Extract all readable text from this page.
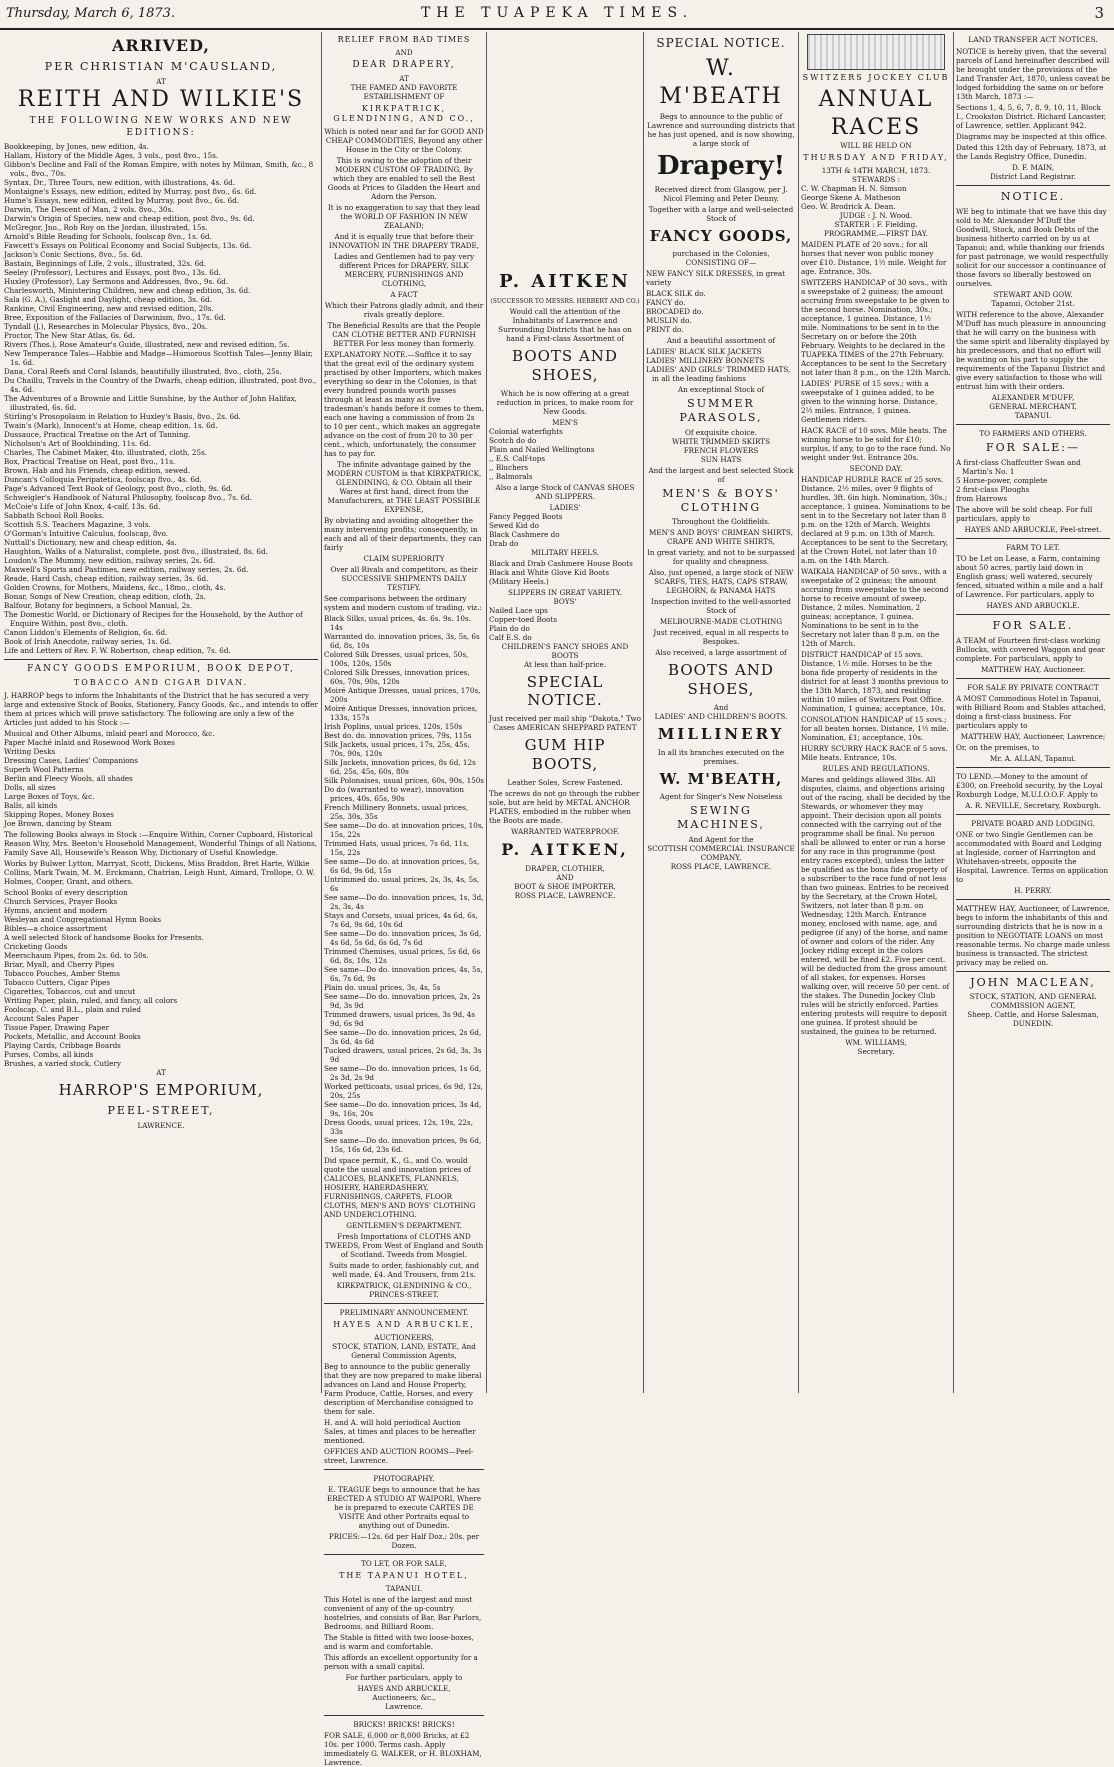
Thursday, March 6, 1873.	THE TUAPEKA TIMES.	3
ARRIVED,
PER CHRISTIAN M'CAUSLAND,
AT
REITH AND WILKIE'S
THE FOLLOWING NEW WORKS AND NEW EDITIONS:
Bookkeeping, by Jones, new edition, 4s.
Hallam, History of the Middle Ages, 3 vols., post 8vo., 15s.
Gibbon's Decline and Fall of the Roman Empire, with notes by Milman, Smith, &c., 8 vols., 8vo., 70s.
Syntax, Dr., Three Tours, new edition, with illustrations, 4s. 6d.
Montaigne's Essays, new edition, edited by Murray, post 8vo., 6s. 6d.
Hume's Essays, new edition, edited by Murray, post 8vo., 6s. 6d.
Darwin, The Descent of Man, 2 vols. 8vo., 30s.
Darwin's Origin of Species, new and cheap edition, post 8vo., 9s. 6d.
McGregor, Jno., Rob Roy on the Jordan, illustrated, 15s.
Arnold's Bible Reading for Schools, foolscap 8vo., 1s. 6d.
Fawcett's Essays on Political Economy and Social Subjects, 13s. 6d.
Jackson's Conic Sections, 8vo., 5s. 6d.
Bastain, Beginnings of Life, 2 vols., illustrated, 32s. 6d.
Seeley (Professor), Lectures and Essays, post 8vo., 13s. 6d.
Huxley (Professor), Lay Sermons and Addresses, 8vo., 9s. 6d.
Charlesworth, Ministering Children, new and cheap edition, 3s. 6d.
Sala (G. A.), Gaslight and Daylight, cheap edition, 3s. 6d.
Rankine, Civil Engineering, new and revised edition, 20s.
Bree, Exposition of the Fallacies of Darwinism, 8vo., 17s. 6d.
Tyndall (J.), Researches in Molecular Physics, 8vo., 20s.
Proctor, The New Star Atlas, 6s. 6d.
Rivers (Thos.), Rose Amateur's Guide, illustrated, new and revised edition, 5s.
New Temperance Tales—Habbie and Madge—Humorous Scottish Tales—Jenny Blair, 1s. 6d.
Dana, Coral Reefs and Coral Islands, beautifully illustrated, 8vo., cloth, 25s.
Du Chaillu, Travels in the Country of the Dwarfs, cheap edition, illustrated, post 8vo., 4s. 6d.
The Adventures of a Brownie and Little Sunshine, by the Author of John Halifax, illustrated, 6s. 6d.
Stirling's Prosopolasm in Relation to Huxley's Basis, 8vo., 2s. 6d.
Twain's (Mark), Innocent's at Home, cheap edition, 1s. 6d.
Dussauce, Practical Treatise on the Art of Tanning.
Nicholson's Art of Bookbinding, 11s. 6d.
Charles, The Cabinet Maker, 4to. illustrated, cloth, 25s.
Box, Practical Treatise on Heat, post 8vo., 11s.
Brown, Hab and his Friends, cheap edition, sewed.
Duncan's Colloquia Peripatetica, foolscap 8vo., 4s. 6d.
Page's Advanced Text Book of Geology, post 8vo., cloth, 9s. 6d.
Schweigler's Handbook of Natural Philosophy, foolscap 8vo., 7s. 6d.
McCoie's Life of John Knox, 4-calf, 13s. 6d.
Sabbath School Roll Books.
Scottish S.S. Teachers Magazine, 3 vols.
O'Gorman's Intuitive Calculus, foolscap, 8vo.
Nuttall's Dictionary, new and cheap edition, 4s.
Haughton, Walks of a Naturalist, complete, post 8vo., illustrated, 8s. 6d.
Loudon's The Mummy, new edition, railway series, 2s. 6d.
Maxwell's Sports and Pastimes, new edition, railway series, 2s. 6d.
Reade, Hard Cash, cheap edition, railway series, 3s. 6d.
Golden Crowns, for Mothers, Maidens, &c., 18mo., cloth, 4s.
Bonar, Songs of New Creation, cheap edition, cloth, 2s.
Balfour, Botany for beginners, a School Manual, 2s.
The Domestic World, or Dictionary of Recipes for the Household, by the Author of Enquire Within, post 8vo., cloth.
Canon Liddon's Elements of Religion, 6s. 6d.
Book of Irish Anecdote, railway series, 1s. 6d.
Life and Letters of Rev. F. W. Robertson, cheap edition, 7s. 6d.
FANCY GOODS EMPORIUM, BOOK DEPOT,
TOBACCO AND CIGAR DIVAN.

J. HARROP begs to inform the Inhabitants of the District that he has secured a very large and extensive Stock of Books, Stationery, Fancy Goods, &c., and intends to offer them at prices which will prove satisfactory. The following are only a few of the Articles just added to his Stock :—

Musical and Other Albums, inlaid pearl and Morocco, &c.
Paper Maché inlaid and Rosewood Work Boxes
Writing Desks
Dressing Cases, Ladies' Companions
Superb Wool Patterns
Berlin and Fleecy Wools, all shades
Dolls, all sizes
Large Boxes of Toys, &c.
Balls, all kinds
Skipping Ropes, Money Boxes
Joe Brown, dancing by Steam

The following Books always in Stock :—Enquire Within, Corner Cupboard, Historical Reason Why, Mrs. Beeton's Household Management, Wonderful Things of all Nations, Family Save All, Housewife's Reason Why, Dictionary of Useful Knowledge.

Works by Bulwer Lytton, Marryat, Scott, Dickens, Miss Braddon, Bret Harte, Wilkie Collins, Mark Twain, M. M. Erckmann, Chatrian, Leigh Hunt, Aimard, Trollope, O. W. Holmes, Cooper, Grant, and others.

School Books of every description
Church Services, Prayer Books
Hymns, ancient and modern
Wesleyan and Congregational Hymn Books
Bibles—a choice assortment
A well selected Stock of handsome Books for Presents.
Cricketing Goods
Meerschaum Pipes, from 2s. 6d. to 50s.
Briar, Myall, and Cherry Pipes
Tobacco Pouches, Amber Stems
Tobacco Cutters, Cigar Pipes
Cigarettes, Tobaccos, cut and uncut
Writing Paper, plain, ruled, and fancy, all colors
Foolscap, C. and B.L., plain and ruled
Account Sales Paper
Tissue Paper, Drawing Paper
Pockets, Metallic, and Account Books
Playing Cards, Cribbage Boards
Purses, Combs, all kinds
Brushes, a varied stock, Cutlery
AT
HARROP'S EMPORIUM,
PEEL-STREET,
LAWRENCE.
RELIEF FROM BAD TIMES
AND
DEAR DRAPERY,
AT
THE FAMED AND FAVORITE
ESTABLISHMENT OF
KIRKPATRICK, GLENDINING, AND CO.,

Which is noted near and far for GOOD AND CHEAP COMMODITIES, Beyond any other House in the City or the Colony.

This is owing to the adoption of their MODERN CUSTOM OF TRADING, By which they are enabled to sell the Best Goods at Prices to Gladden the Heart and Adorn the Person.

It is no exaggeration to say that they lead the WORLD OF FASHION IN NEW ZEALAND;

And it is equally true that before their INNOVATION IN THE DRAPERY TRADE,

Ladies and Gentlemen had to pay very different Prices for DRAPERY, SILK MERCERY, FURNISHINGS AND CLOTHING,

A FACT

Which their Patrons gladly admit, and their rivals greatly deplore.

The Beneficial Results are that the People CAN CLOTHE BETTER AND FURNISH BETTER For less money than formerly.

EXPLANATORY NOTE.—Suffice it to say that the great evil of the ordinary system practised by other Importers, which makes everything so dear in the Colonies, is that every hundred pounds worth passes through at least as many as five tradesman's hands before it comes to them, each one having a commission of from 2s to 10 per cent., which makes an aggregate advance on the cost of from 20 to 30 per cent., which, unfortunately, the consumer has to pay for.

The infinite advantage gained by the MODERN CUSTOM is that KIRKPATRICK, GLENDINING, & CO. Obtain all their Wares at first hand, direct from the Manufacturers, at THE LEAST POSSIBLE EXPENSE,

By obviating and avoiding altogether the many intervening profits; consequently, in each and all of their departments, they can fairly

CLAIM SUPERIORITY

Over all Rivals and competitors, as their SUCCESSIVE SHIPMENTS DAILY TESTIFY.

See comparisons between the ordinary system and modern custom of trading, viz.:

Black Silks, usual prices, 4s. 6s. 9s. 10s. 14s
Warranted do. innovation prices, 3s, 5s, 6s 6d, 8s, 10s
Colored Silk Dresses, usual prices, 50s, 100s, 120s, 150s
Colored Silk Dresses, innovation prices, 60s, 70s, 90s, 120s
Moiré Antique Dresses, usual prices, 170s, 200s
Moiré Antique Dresses, innovation prices, 133s, 157s
Irish Poplins, usual prices, 120s, 150s
Best do. do. innovation prices, 79s, 115s
Silk Jackets, usual prices, 17s, 25s, 45s, 70s, 90s, 120s
Silk Jackets, innovation prices, 8s 6d, 12s 6d, 25s, 45s, 60s, 80s
Silk Polonaises, usual prices, 60s, 90s, 150s
Do do (warranted to wear), innovation prices, 40s, 65s, 90s
French Millinery Bonnets, usual prices, 25s, 30s, 35s
See same—Do do. at innovation prices, 10s, 15s, 22s
Trimmed Hats, usual prices, 7s 6d, 11s, 15s, 22s
See same—Do do. at innovation prices, 5s, 6s 6d, 9s 6d, 15s
Untrimmed do. usual prices, 2s, 3s, 4s, 5s, 6s
See same—Do do. innovation prices, 1s, 3d, 2s, 3s, 4s
Stays and Corsets, usual prices, 4s 6d, 6s, 7s 6d, 9s 6d, 10s 6d
See same—Do do. innovation prices, 3s 6d, 4s 6d, 5s 6d, 6s 6d, 7s 6d
Trimmed Chemises, usual prices, 5s 6d, 6s 6d, 8s, 10s, 12s
See same—Do do. innovation prices, 4s, 5s, 6s, 7s 6d, 9s
Plain do. usual prices, 3s, 4s, 5s
See same—Do do. innovation prices, 2s, 2s 9d, 3s 9d
Trimmed drawers, usual prices, 3s 9d, 4s 9d, 6s 9d
See same—Do do. innovation prices, 2s 6d, 3s 6d, 4s 6d
Tucked drawers, usual prices, 2s 6d, 3s, 3s 9d
See same—Do do. innovation prices, 1s 6d, 2s 3d, 2s 9d
Worked petticoats, usual prices, 6s 9d, 12s, 20s, 25s
See same—Do do. innovation prices, 3s 4d, 9s, 16s, 20s
Dress Goods, usual prices, 12s, 19s, 22s, 33s
See same—Do do. innovation prices, 9s 6d, 15s, 16s 6d, 23s 6d.

Did space permit, K., G., and Co. would quote the usual and innovation prices of CALICOES, BLANKETS, FLANNELS, HOSIERY, HABERDASHERY, FURNISHINGS, CARPETS, FLOOR CLOTHS, MEN'S AND BOYS' CLOTHING AND UNDERCLOTHING.

GENTLEMEN'S DEPARTMENT.

Fresh Importations of CLOTHS AND TWEEDS, From West of England and South of Scotland. Tweeds from Mosgiel.

Suits made to order, fashionably cut, and well made, £4. And Trousers, from 21s.

KIRKPATRICK, GLENDINING & CO.,
PRINCES-STREET.
PRELIMINARY ANNOUNCEMENT.
HAYES AND ARBUCKLE,
AUCTIONEERS,
STOCK, STATION, LAND, ESTATE, And General Commission Agents,

Beg to announce to the public generally that they are now prepared to make liberal advances on Land and House Property, Farm Produce, Cattle, Horses, and every description of Merchandise consigned to them for sale.

H. and A. will hold periodical Auction Sales, at times and places to be hereafter mentioned.

OFFICES AND AUCTION ROOMS—Peel-street, Lawrence.

PHOTOGRAPHY.

E. TEAGUE begs to announce that he has ERECTED A STUDIO AT WAIPORI, Where he is prepared to execute CARTES DE VISITE And other Portraits equal to anything out of Dunedin.

PRICES:—12s. 6d per Half Doz.; 20s. per Dozen.

TO LET, OR FOR SALE,
THE TAPANUI HOTEL,
TAPANUI.

This Hotel is one of the largest and most convenient of any of the up-country hostelries, and consists of Bar, Bar Parlors, Bedrooms, and Billiard Room.

The Stable is fitted with two loose-boxes, and is warm and comfortable.

This affords an excellent opportunity for a person with a small capital.

For further particulars, apply to

HAYES AND ARBUCKLE,
Auctioneers, &c.,
Lawrence.
BRICKS! BRICKS! BRICKS!

FOR SALE, 6,000 or 8,000 Bricks, at £2 10s. per 1000. Terms cash. Apply immediately G. WALKER, or H. BLOXHAM, Lawrence.

P. AITKEN
(SUCCESSOR TO MESSRS. HERBERT AND CO.)

Would call the attention of the Inhabitants of Lawrence and Surrounding Districts that he has on hand a First-class Assortment of

BOOTS AND SHOES,

Which he is now offering at a great reduction in prices, to make room for New Goods.

MEN'S
Colonial waterfights
Scotch do do
Plain and Nailed Wellingtons
,, E.S. Calf-tops
,, Bluchers
,, Balmorals

Also a large Stock of CANVAS SHOES AND SLIPPERS.

LADIES'
Fancy Pegged Boots
Sewed Kid do
Black Cashmere do
Drab do
MILITARY HEELS.

Black and Drab Cashmere House Boots Black and White Glove Kid Boots (Military Heels.)

SLIPPERS IN GREAT VARIETY.
BOYS'
Nailed Lace ups
Copper-toed Boots
Plain do do
Calf E.S. do
CHILDREN'S FANCY SHOES AND BOOTS
At less than half-price.
SPECIAL NOTICE.

Just received per mail ship "Dakota," Two Cases AMERICAN SHEPPARD PATENT

GUM HIP BOOTS,
Leather Soles, Screw Fastened.

The screws do not go through the rubber sole, but are held by METAL ANCHOR PLATES, embodied in the rubber when the Boots are made.

WARRANTED WATERPROOF.
P. AITKEN,
DRAPER, CLOTHIER,
AND
BOOT & SHOE IMPORTER,
ROSS PLACE, LAWRENCE.
SPECIAL NOTICE.
W. M'BEATH

Begs to announce to the public of Lawrence and surrounding districts that he has just opened, and is now showing, a large stock of

Drapery!

Received direct from Glasgow, per J. Nicol Fleming and Peter Denny.

Together with a large and well-selected Stock of

FANCY GOODS,
purchased in the Colonies,
CONSISTING OF—

NEW FANCY SILK DRESSES, in great variety

BLACK SILK do.
FANCY do.
BROCADED do.
MUSLIN do.
PRINT do.

And a beautiful assortment of

LADIES' BLACK SILK JACKETS
LADIES' MILLINERY BONNETS
LADIES' AND GIRLS' TRIMMED HATS, in all the leading fashions

An exceptional Stock of

SUMMER PARASOLS,
Of exquisite choice.
WHITE TRIMMED SKIRTS
FRENCH FLOWERS
SUN HATS

And the largest and best selected Stock of

MEN'S & BOYS' CLOTHING
Throughout the Goldfields.

MEN'S AND BOYS' CRIMEAN SHIRTS, CRAPE AND WHITE SHIRTS,

In great variety, and not to be surpassed for quality and cheapness.

Also, just opened, a large stock of NEW SCARFS, TIES, HATS, CAPS STRAW, LEGHORN, & PANAMA HATS

Inspection invited to the well-assorted Stock of

MELBOURNE-MADE CLOTHING

Just received, equal in all respects to Bespokes.

Also received, a large assortment of

BOOTS AND SHOES,
And
LADIES' AND CHILDREN'S BOOTS.
MILLINERY

In all its branches executed on the premises.

W. M'BEATH,
Agent for Singer's New Noiseless
SEWING MACHINES,
And Agent for the
SCOTTISH COMMERCIAL INSURANCE COMPANY,
ROSS PLACE, LAWRENCE.
SWITZERS JOCKEY CLUB
ANNUAL RACES
WILL BE HELD ON
THURSDAY AND FRIDAY,
13TH & 14TH MARCH, 1873.
STEWARDS :
C. W. Chapman H. N. Simson
George Skene A. Matheson
Geo. W. Brodrick A. Dean.
JUDGE : J. N. Wood.
STARTER : F. Fielding.
PROGRAMME.—FIRST DAY.

MAIDEN PLATE of 20 sovs.; for all horses that never won public money over £10. Distance, 1½ mile. Weight for age. Entrance, 30s.

SWITZERS HANDICAP of 30 sovs., with a sweepstake of 2 guineas; the amount accruing from sweepstake to be given to the second horse. Nomination, 30s.; acceptance, 1 guinea. Distance, 1½ mile. Nominations to be sent in to the Secretary on or before the 20th February. Weights to be declared in the TUAPEKA TIMES of the 27th February. Acceptances to be sent to the Secretary not later than 8 p.m., on the 12th March.

LADIES' PURSE of 15 sovs.; with a sweepstake of 1 guinea added, to be given to the winning horse. Distance, 2½ miles. Entrance, 1 guinea. Gentlemen riders.

HACK RACE of 10 sovs. Mile heats. The winning horse to be sold for £10; surplus, if any, to go to the race fund. No weight under 9st. Entrance 20s.

SECOND DAY.

HANDICAP HURDLE RACE of 25 sovs. Distance, 2½ miles, over 9 flights of hurdles, 3ft. 6in high. Nomination, 30s.; acceptance, 1 guinea. Nominations to be sent in to the Secretary not later than 8 p.m. on the 12th of March. Weights declared at 9 p.m. on 13th of March. Acceptances to be sent to the Secretary, at the Crown Hotel, not later than 10 a.m. on the 14th March.

WAIKAIA HANDICAP of 50 sovs., with a sweepstake of 2 guineas; the amount accruing from sweepstake to the second horse to receive amount of sweep. Distance, 2 miles. Nomination, 2 guineas; acceptance, 1 guinea. Nominations to be sent in to the Secretary not later than 8 p.m. on the 12th of March.

DISTRICT HANDICAP of 15 sovs. Distance, 1½ mile. Horses to be the bona fide property of residents in the district for at least 3 months previous to the 13th March, 1873, and residing within 10 miles of Switzers Post Office. Nomination, 1 guinea; acceptance, 10s.

CONSOLATION HANDICAP of 15 sovs.; for all beaten horses. Distance, 1½ mile. Nomination, £1; acceptance, 10s.

HURRY SCURRY HACK RACE of 5 sovs. Mile heats. Entrance, 10s.

RULES AND REGULATIONS.

Mares and geldings allowed 3lbs. All disputes, claims, and objections arising out of the racing, shall be decided by the Stewards, or whomever they may appoint. Their decision upon all points connected with the carrying out of the programme shall be final. No person shall be allowed to enter or run a horse for any race in this programme (post entry races excepted), unless the latter be qualified as the bona fide property of a subscriber to the race fund of not less than two guineas. Entries to be received by the Secretary, at the Crown Hotel, Switzers, not later than 8 p.m. on Wednesday, 12th March. Entrance money, enclosed with name, age, and pedigree (if any) of the horse, and name of owner and colors of the rider. Any Jockey riding except in the colors entered, will be fined £2. Five per cent. will be deducted from the gross amount of all stakes, for expenses. Horses walking over, will receive 50 per cent. of the stakes. The Dunedin Jockey Club rules will be strictly enforced. Parties entering protests will require to deposit one guinea. If protest should be sustained, the guinea to be returned.

WM. WILLIAMS,
Secretary.
LAND TRANSFER ACT NOTICES.

NOTICE is hereby given, that the several parcels of Land hereinafter described will be brought under the provisions of the Land Transfer Act, 1870, unless caveat be lodged forbidding the same on or before 13th March, 1873 :—

Sections 1, 4, 5, 6, 7, 8, 9, 10, 11, Block I., Crookston District. Richard Lancaster, of Lawrence, settler. Applicant 942.

Diagrams may be inspected at this office.

Dated this 12th day of February, 1873, at the Lands Registry Office, Dunedin.

D. F. MAIN,
District Land Registrar.
NOTICE.

WE beg to intimate that we have this day sold to Mr. Alexander M'Duff the Goodwill, Stock, and Book Debts of the business hitherto carried on by us at Tapanui; and, while thanking our friends for past patronage, we would respectfully solicit for our successor a continuance of those favors so liberally bestowed on ourselves.

STEWART AND GOW.
Tapanui, October 21st.

WITH reference to the above, Alexander M'Duff has much pleasure in announcing that he will carry on the business with the same spirit and liberality displayed by his predecessors, and that no effort will be wanting on his part to supply the requirements of the Tapanui District and give every satisfaction to those who will entrust him with their orders.

ALEXANDER M'DUFF,
GENERAL MERCHANT,
TAPANUI.
TO FARMERS AND OTHERS.
FOR SALE:—
A first-class Chaffcutter Swan and Martin's No. 1
5 Horse-power, complete
2 first-class Ploughs
from Harrows

The above will be sold cheap. For full particulars, apply to

HAYES AND ARBUCKLE, Peel-street.
FARM TO LET.

TO be Let on Lease, a Farm, containing about 50 acres, partly laid down in English grass; well watered, securely fenced, situated within a mile and a half of Lawrence. For particulars, apply to

HAYES AND ARBUCKLE.
FOR SALE.

A TEAM of Fourteen first-class working Bullocks, with covered Waggon and gear complete. For particulars, apply to

MATTHEW HAY, Auctioneer.
FOR SALE BY PRIVATE CONTRACT

A MOST Commodious Hotel in Tapanui, with Billiard Room and Stables attached, doing a first-class business. For particulars apply to

MATTHEW HAY, Auctioneer, Lawrence;

Or, on the premises, to

Mr. A. ALLAN, Tapanui.

TO LEND.—Money to the amount of £300, on Freehold security, by the Loyal Roxburgh Lodge, M.U.I.O.O.F. Apply to

A. R. NEVILLE, Secretary, Roxburgh.
PRIVATE BOARD AND LODGING.

ONE or two Single Gentlemen can be accommodated with Board and Lodging at Ingleside, corner of Harrington and Whitehaven-streets, opposite the Hospital, Lawrence. Terms on application to

H. PERRY.

MATTHEW HAY, Auctioneer, of Lawrence, begs to inform the inhabitants of this and surrounding districts that he is now in a position to NEGOTIATE LOANS on most reasonable terms. No charge made unless business is transacted. The strictest privacy may be relied on.

JOHN MACLEAN,
STOCK, STATION, AND GENERAL COMMISSION AGENT,
Sheep, Cattle, and Horse Salesman,
DUNEDIN.
